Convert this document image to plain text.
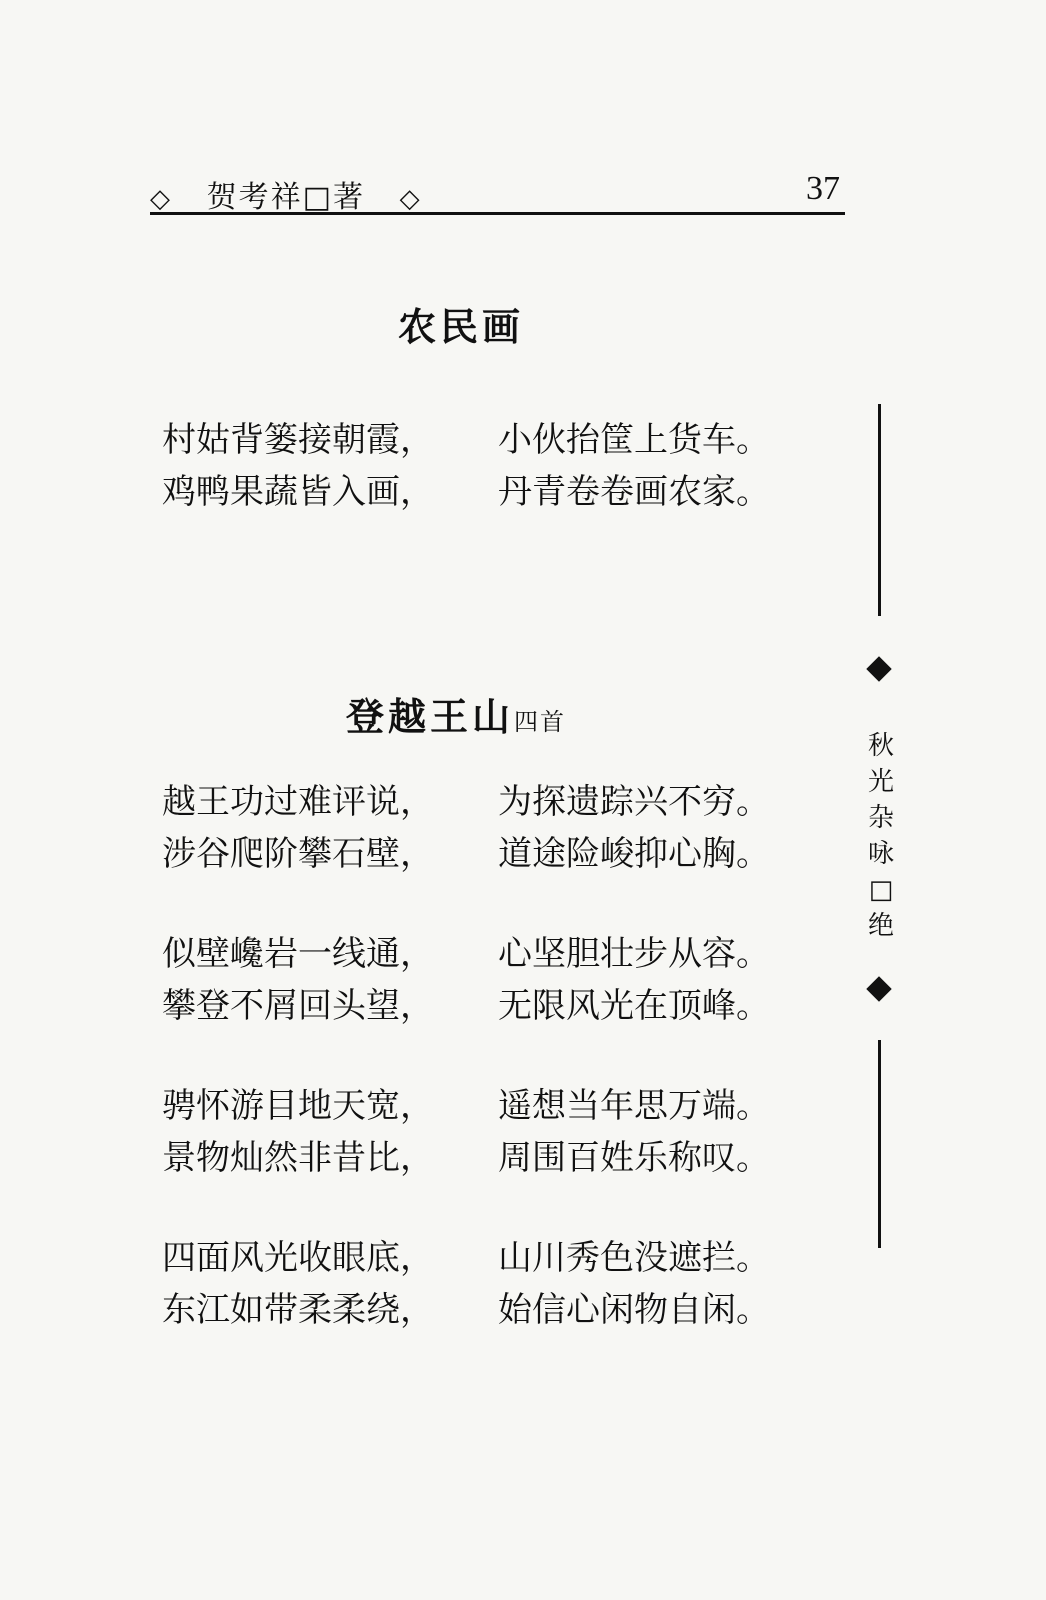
◇ 贺考祥□著 ◇	37
农民画
村姑背篓接朝霞， 小伙抬筐上货车。
鸡鸭果蔬皆入画， 丹青卷卷画农家。
登越王山四首
越王功过难评说， 为探遗踪兴不穷。
涉谷爬阶攀石壁， 道途险峻抑心胸。
似壁巉岩一线通， 心坚胆壮步从容。
攀登不屑回头望， 无限风光在顶峰。
骋怀游目地天宽， 遥想当年思万端。
景物灿然非昔比， 周围百姓乐称叹。
四面风光收眼底， 山川秀色没遮拦。
东江如带柔柔绕， 始信心闲物自闲。
秋
光
杂
咏
□
绝
